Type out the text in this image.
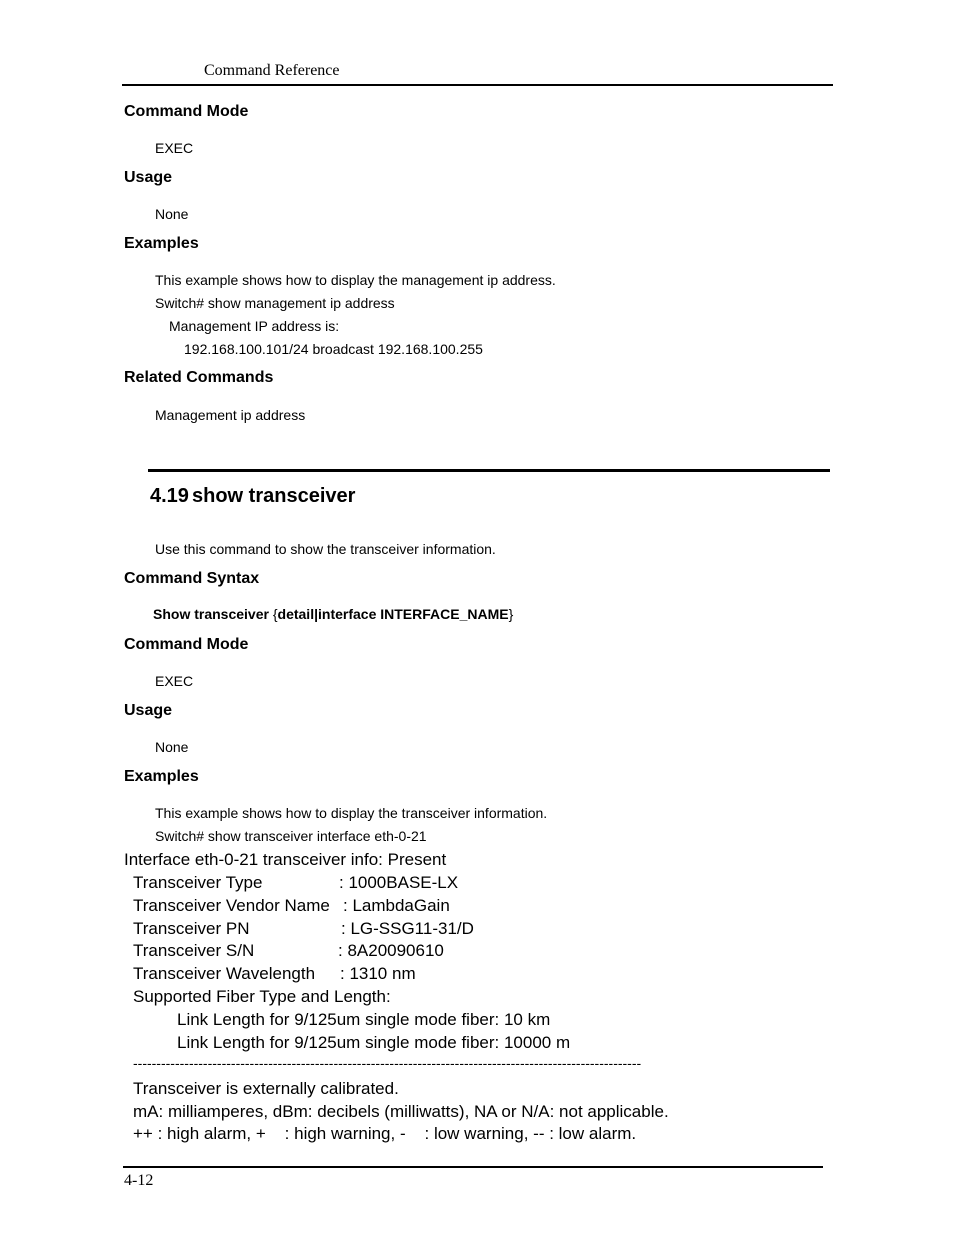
Command Reference
Command Mode
EXEC
Usage
None
Examples
This example shows how to display the management ip address.
Switch# show management ip address
Management IP address is:
192.168.100.101/24 broadcast 192.168.100.255
Related Commands
Management ip address
4.19 show transceiver
Use this command to show the transceiver information.
Command Syntax
Show transceiver {detail|interface INTERFACE_NAME}
Command Mode
EXEC
Usage
None
Examples
This example shows how to display the transceiver information.
Switch# show transceiver interface eth-0-21
Interface eth-0-21 transceiver info: Present
Transceiver Type	: 1000BASE-LX
Transceiver Vendor Name : LambdaGain
Transceiver PN	: LG-SSG11-31/D
Transceiver S/N	: 8A20090610
Transceiver Wavelength : 1310 nm
Supported Fiber Type and Length:
Link Length for 9/125um single mode fiber: 10 km
Link Length for 9/125um single mode fiber: 10000 m
-------------------------------------------------------------------------------------------------------------
Transceiver is externally calibrated.
mA: milliamperes, dBm: decibels (milliwatts), NA or N/A: not applicable.
++ : high alarm, +    : high warning, -    : low warning, -- : low alarm.
4-12
